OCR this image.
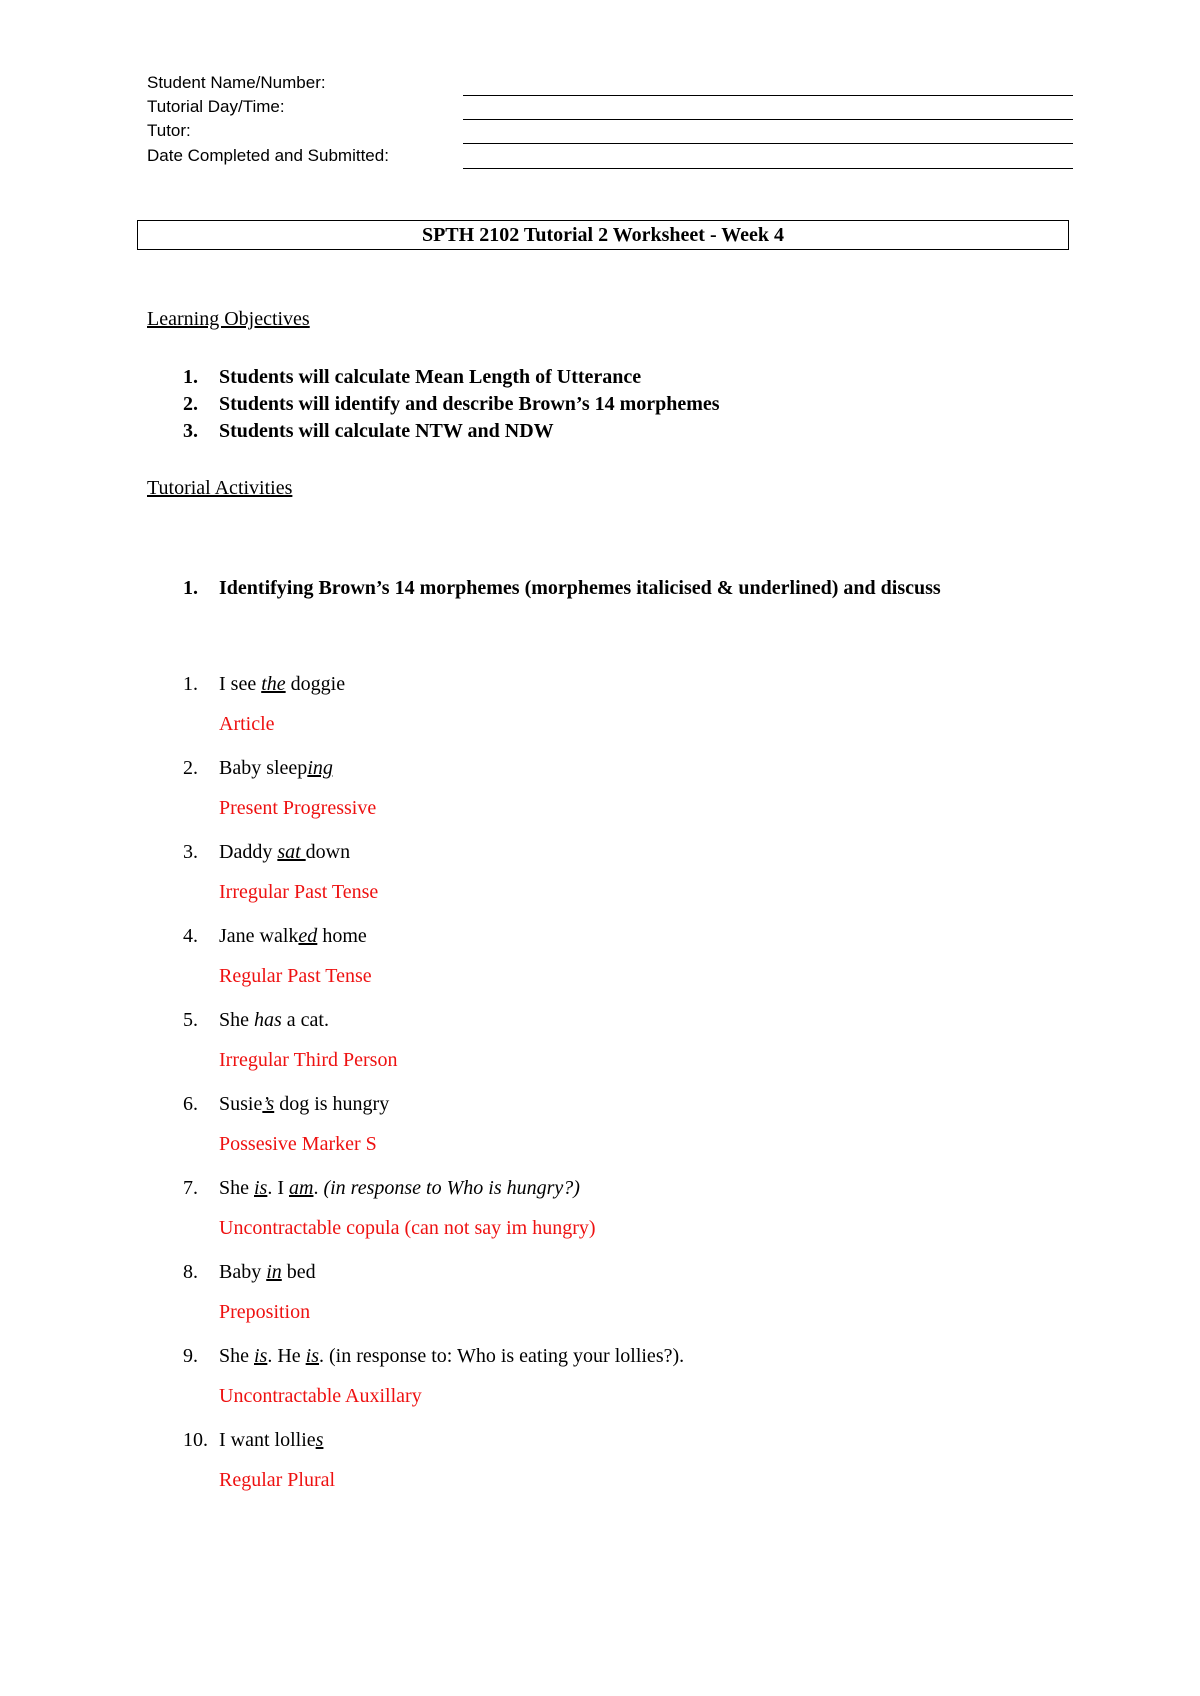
Student Name/Number:
Tutorial Day/Time:
Tutor:
Date Completed and Submitted:
SPTH 2102 Tutorial 2 Worksheet - Week 4
Learning Objectives
1. Students will calculate Mean Length of Utterance
2. Students will identify and describe Brown’s 14 morphemes
3. Students will calculate NTW and NDW
Tutorial Activities
1. Identifying Brown’s 14 morphemes (morphemes italicised & underlined) and discuss
1. I see the doggie
Article
2. Baby sleeping
Present Progressive
3. Daddy sat down
Irregular Past Tense
4. Jane walked home
Regular Past Tense
5. She has a cat.
Irregular Third Person
6. Susie’s dog is hungry
Possesive Marker S
7. She is. I am. (in response to Who is hungry?)
Uncontractable copula (can not say im hungry)
8. Baby in bed
Preposition
9. She is. He is. (in response to: Who is eating your lollies?).
Uncontractable Auxillary
10. I want lollies
Regular Plural
